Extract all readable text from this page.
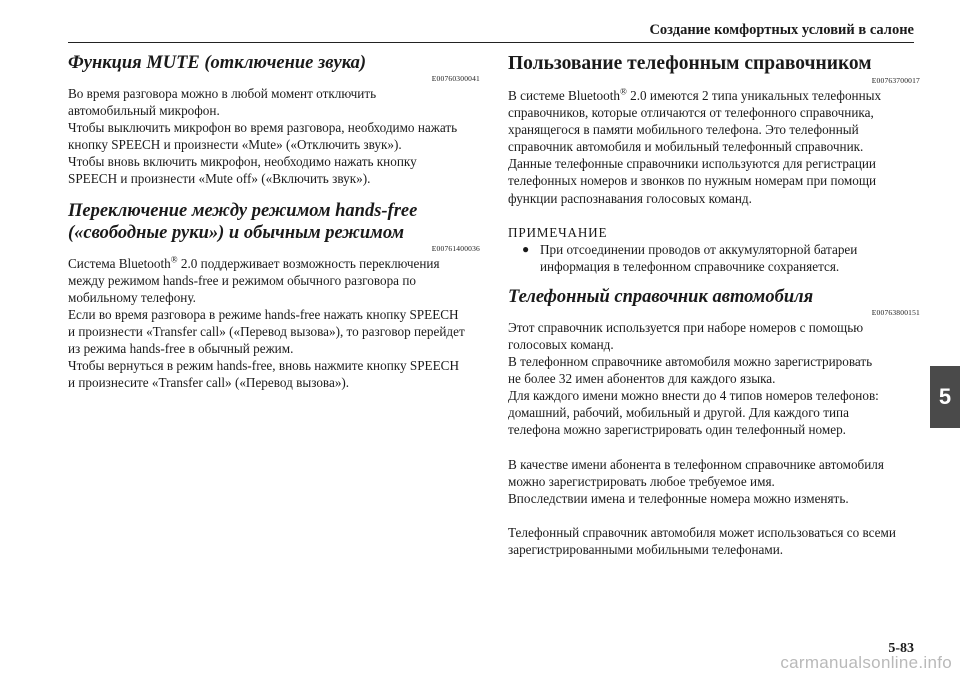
Создание комфортных условий в салоне
Функция MUTE (отключение звука)

E00760300041

Во время разговора можно в любой момент отключить

автомобильный микрофон.

Чтобы выключить микрофон во время разговора, необходимо нажать

кнопку SPEECH и произнести «Mute» («Отключить звук»).

Чтобы вновь включить микрофон, необходимо нажать кнопку

SPEECH и произнести «Mute off» («Включить звук»).

Переключение между режимом hands-free
(«свободные руки») и обычным режимом

E00761400036

Система Bluetooth® 2.0 поддерживает возможность переключения

между режимом hands-free и режимом обычного разговора по

мобильному телефону.

Если во время разговора в режиме hands-free нажать кнопку SPEECH

и произнести «Transfer call» («Перевод вызова»), то разговор перейдет

из режима hands-free в обычный режим.

Чтобы вернуться в режим hands-free, вновь нажмите кнопку SPEECH

и произнесите «Transfer call» («Перевод вызова»).

Пользование телефонным справочником

E00763700017

В системе Bluetooth® 2.0 имеются 2 типа уникальных телефонных

справочников, которые отличаются от телефонного справочника,

хранящегося в памяти мобильного телефона. Это телефонный

справочник автомобиля и мобильный телефонный справочник.

Данные телефонные справочники используются для регистрации

телефонных номеров и звонков по нужным номерам при помощи

функции распознавания голосовых команд.

ПРИМЕЧАНИЕ

● При отсоединении проводов от аккумуляторной батареи
информация в телефонном справочнике сохраняется.
Телефонный справочник автомобиля

E00763800151

Этот справочник используется при наборе номеров с помощью

голосовых команд.

В телефонном справочнике автомобиля можно зарегистрировать

не более 32 имен абонентов для каждого языка.

Для каждого имени можно внести до 4 типов номеров телефонов:

домашний, рабочий, мобильный и другой. Для каждого типа

телефона можно зарегистрировать один телефонный номер.

В качестве имени абонента в телефонном справочнике автомобиля

можно зарегистрировать любое требуемое имя.

Впоследствии имена и телефонные номера можно изменять.

Телефонный справочник автомобиля может использоваться со всеми

зарегистрированными мобильными телефонами.

5
5-83
carmanualsonline.info
